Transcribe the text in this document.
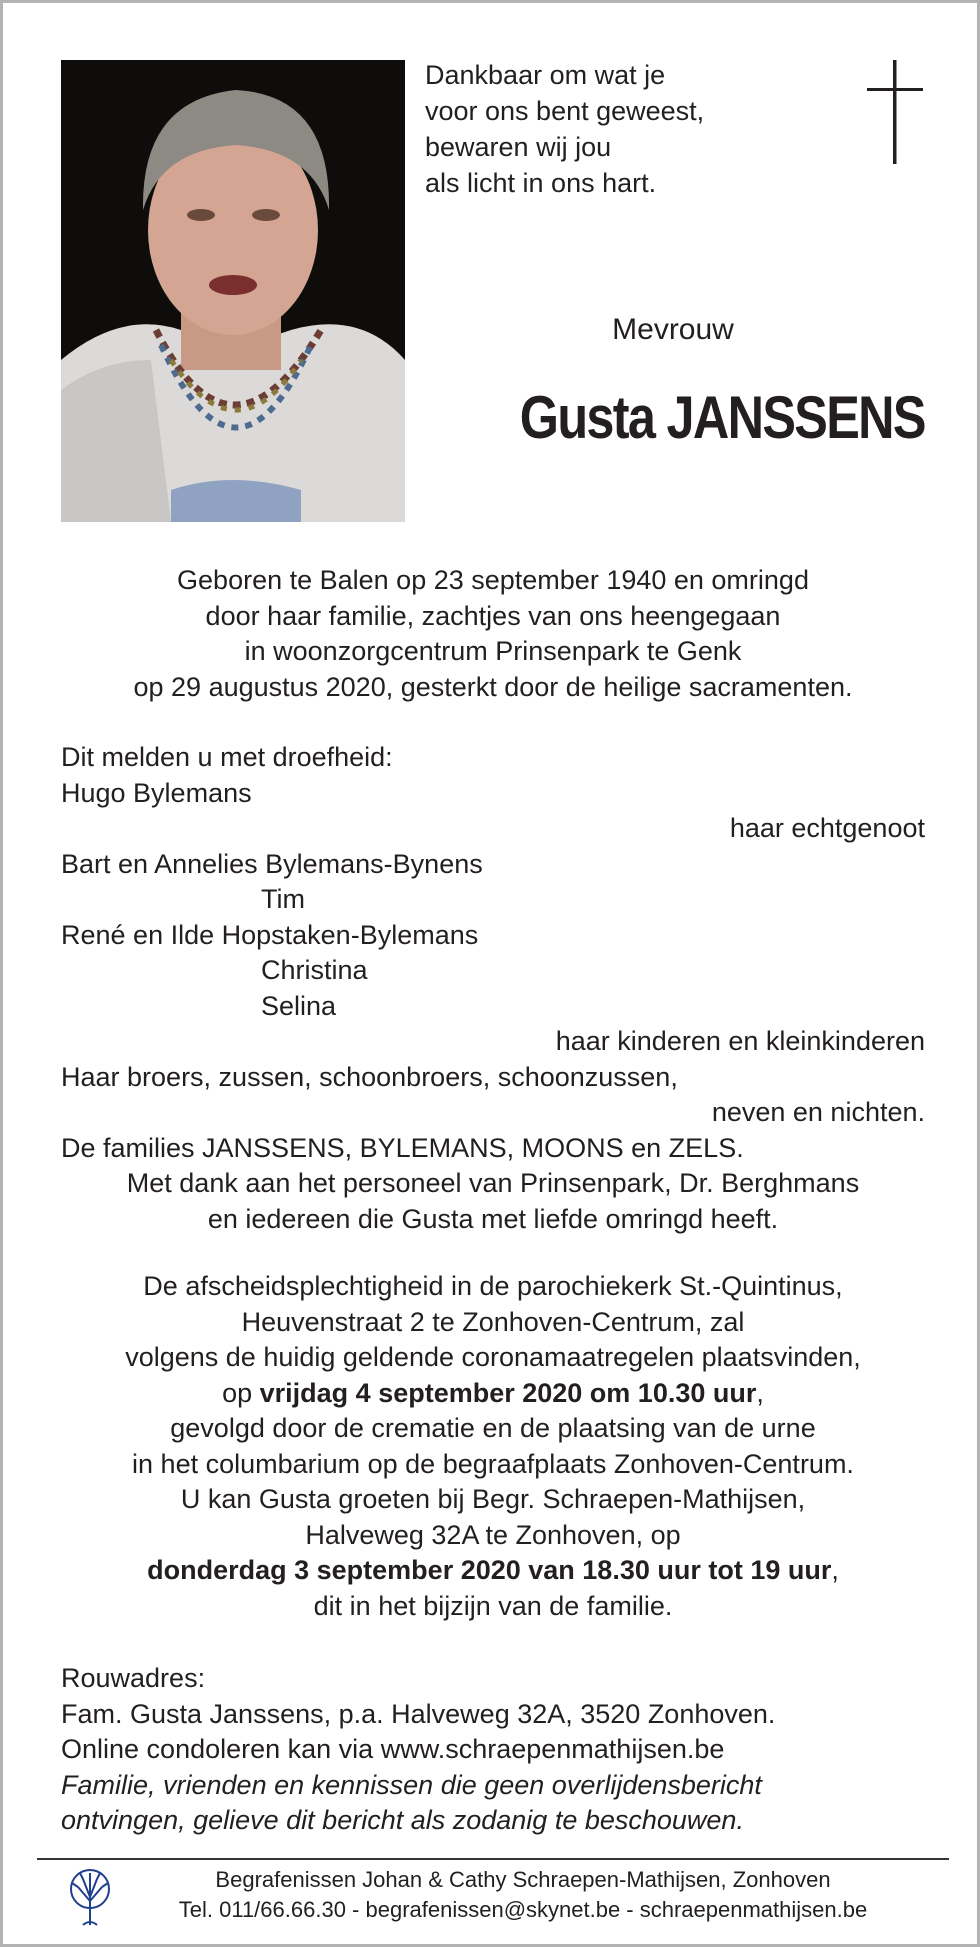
Dankbaar om wat je
voor ons bent geweest,
bewaren wij jou
als licht in ons hart.
Mevrouw
Gusta JANSSENS
Geboren te Balen op 23 september 1940 en omringd
door haar familie, zachtjes van ons heengegaan
in woonzorgcentrum Prinsenpark te Genk
op 29 augustus 2020, gesterkt door de heilige sacramenten.
Dit melden u met droefheid:
Hugo Bylemans
haar echtgenoot
Bart en Annelies Bylemans-Bynens
Tim
René en Ilde Hopstaken-Bylemans
Christina
Selina
haar kinderen en kleinkinderen
Haar broers, zussen, schoonbroers, schoonzussen,
neven en nichten.
De families JANSSENS, BYLEMANS, MOONS en ZELS.
Met dank aan het personeel van Prinsenpark, Dr. Berghmans
en iedereen die Gusta met liefde omringd heeft.
De afscheidsplechtigheid in de parochiekerk St.-Quintinus,
Heuvenstraat 2 te Zonhoven-Centrum, zal
volgens de huidig geldende coronamaatregelen plaatsvinden,
op vrijdag 4 september 2020 om 10.30 uur,
gevolgd door de crematie en de plaatsing van de urne
in het columbarium op de begraafplaats Zonhoven-Centrum.
U kan Gusta groeten bij Begr. Schraepen-Mathijsen,
Halveweg 32A te Zonhoven, op
donderdag 3 september 2020 van 18.30 uur tot 19 uur,
dit in het bijzijn van de familie.
Rouwadres:
Fam. Gusta Janssens, p.a. Halveweg 32A, 3520 Zonhoven.
Online condoleren kan via www.schraepenmathijsen.be
Familie, vrienden en kennissen die geen overlijdensbericht
ontvingen, gelieve dit bericht als zodanig te beschouwen.
Begrafenissen Johan & Cathy Schraepen-Mathijsen, Zonhoven
Tel. 011/66.66.30 - begrafenissen@skynet.be - schraepenmathijsen.be
